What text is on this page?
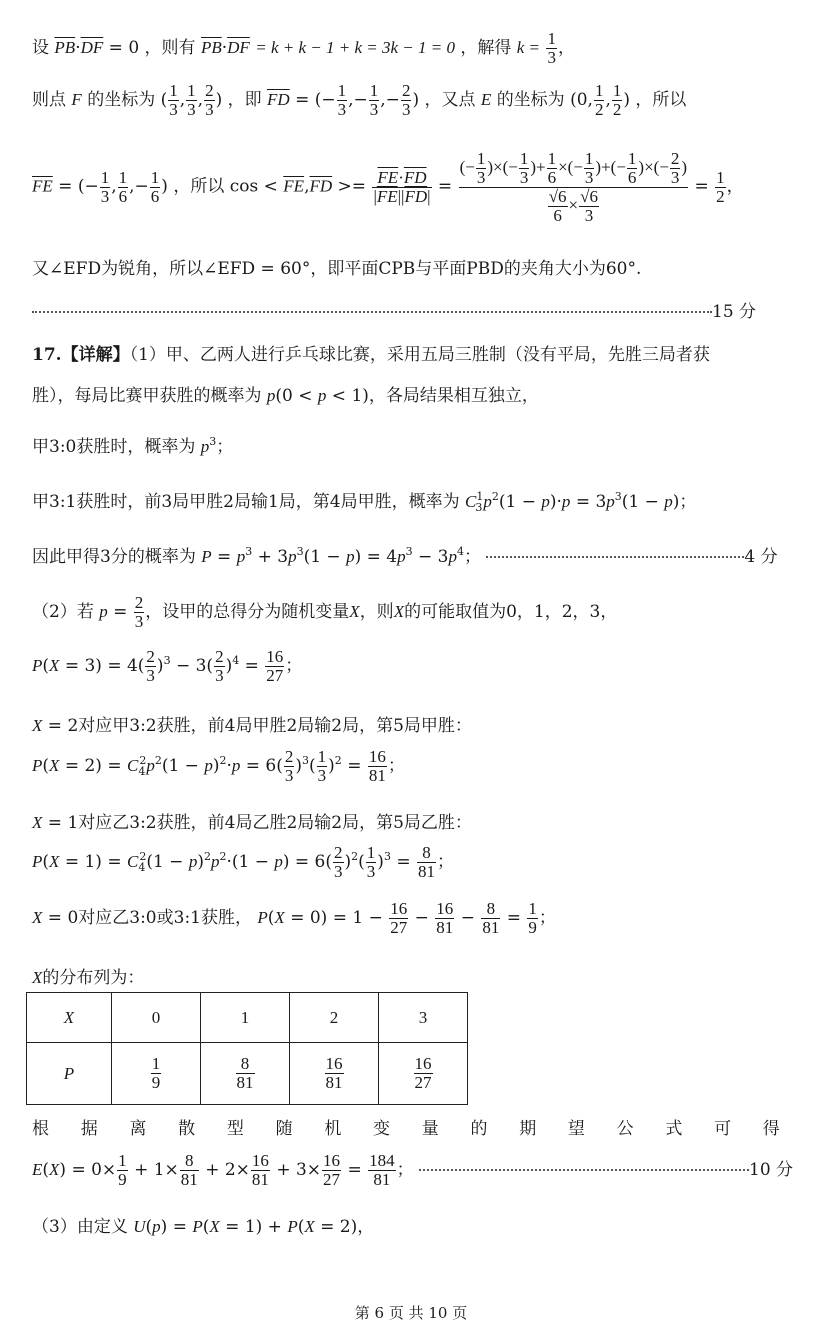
设 $\overline{PB}\cdot\overline{DF} = 0$ ，则有 $\overline{PB}\cdot\overline{DF} = k + k - 1 + k = 3k - 1 = 0$ ，解得 $k = \frac{1}{3}$ ，
则点 F 的坐标为 ( $\frac{1}{3}$ , $\frac{1}{3}$ , $\frac{2}{3}$ ) ，即 $\overline{FD}$ = (− $\frac{1}{3}$ ,− $\frac{1}{3}$ ,− $\frac{2}{3}$ ) ，又点 E 的坐标为 (0, $\frac{1}{2}$ , $\frac{1}{2}$ ) ，所以
$\overline{FE}$ = (− $\frac{1}{3}$ , $\frac{1}{6}$ ,− $\frac{1}{6}$ ) ，所以 $\cos < \overline{FE},\overline{FD} >= \frac{\overline{FE}\cdot\overline{FD}}{|\overline{FE}||\overline{FD}|} = \frac{(- \frac{1}{3} )\times(- \frac{1}{3} )+ \frac{1}{6} \times(- \frac{1}{3} )+(- \frac{1}{6} )\times(- \frac{2}{3} )}{\frac{√6}{6} \times \frac{√6}{3}} = \frac{1}{2}$ ，
又∠EFD为锐角，所以∠EFD = 60°，即平面CPB与平面PBD的夹角大小为60°.
15 分
17.【详解】（1）甲、乙两人进行乒乓球比赛，采用五局三胜制（没有平局，先胜三局者获
胜），每局比赛甲获胜的概率为 p(0 < p < 1)，各局结果相互独立，
甲3:0获胜时，概率为 $p^3$；
甲3:1获胜时，前3局甲胜2局输1局，第4局甲胜，概率为 $C_3^1p^2(1 - p)\cdot p = 3p^3(1 - p)$；
因此甲得3分的概率为 $P = p^3 + 3p^3(1 - p) = 4p^3 - 3p^4$；	4 分
（2）若 $p = \frac{2}{3}$ ，设甲的总得分为随机变量X，则X的可能取值为0，1，2，3，
$P(X = 3) = 4( \frac{2}{3} )^3 - 3( \frac{2}{3} )^4 = \frac{16}{27}$ ；
X = 2对应甲3:2获胜，前4局甲胜2局输2局，第5局甲胜：
$P(X = 2) = C_4^2p^2(1 - p)^2\cdot p = 6( \frac{2}{3} )^3( \frac{1}{3} )^2 = \frac{16}{81}$ ；
X = 1对应乙3:2获胜，前4局乙胜2局输2局，第5局乙胜：
$P(X = 1) = C_4^2(1 - p)^2p^2\cdot(1 - p) = 6( \frac{2}{3} )^2( \frac{1}{3} )^3 = \frac{8}{81}$ ；
X = 0对应乙3:0或3:1获胜， $P(X = 0) = 1 - \frac{16}{27} - \frac{16}{81} - \frac{8}{81} = \frac{1}{9}$ ；
X的分布列为：
X	0	1	2	3
P	$\frac{1}{9}$	$\frac{8}{81}$	$\frac{16}{81}$	$\frac{16}{27}$
根 据 离 散 型 随 机 变 量 的 期 望 公 式 可 得
$E(X) = 0\times \frac{1}{9} + 1\times \frac{8}{81} + 2\times \frac{16}{81} + 3\times \frac{16}{27} = \frac{184}{81}$ ；	10 分
（3）由定义 U(p) = P(X = 1) + P(X = 2)，
第 6 页 共 10 页
